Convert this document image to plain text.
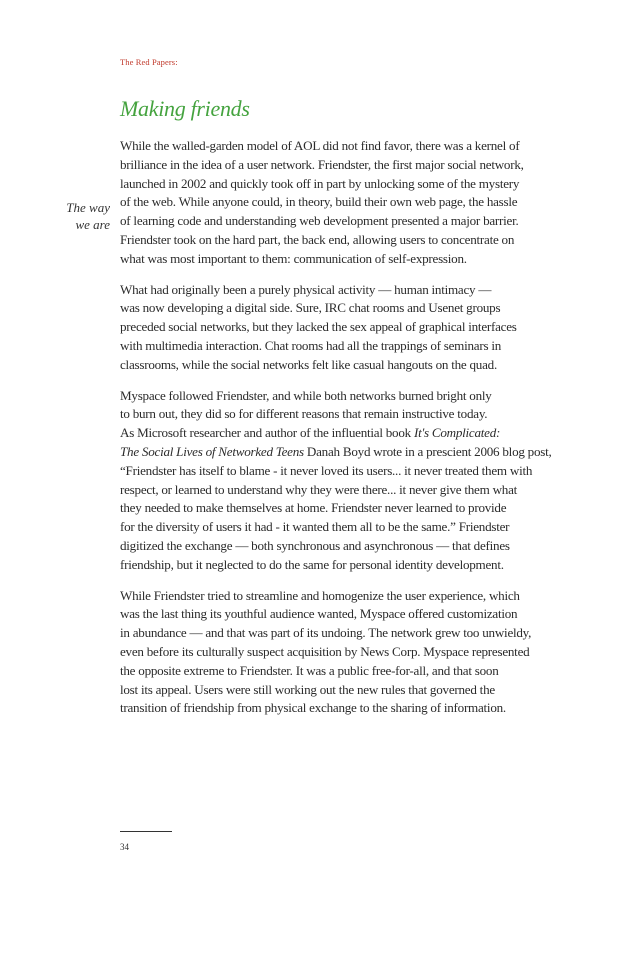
The Red Papers:
Making friends
The way
we are
While the walled-garden model of AOL did not find favor, there was a kernel of
brilliance in the idea of a user network. Friendster, the first major social network,
launched in 2002 and quickly took off in part by unlocking some of the mystery
of the web. While anyone could, in theory, build their own web page, the hassle
of learning code and understanding web development presented a major barrier.
Friendster took on the hard part, the back end, allowing users to concentrate on
what was most important to them: communication of self-expression.
What had originally been a purely physical activity — human intimacy —
was now developing a digital side. Sure, IRC chat rooms and Usenet groups
preceded social networks, but they lacked the sex appeal of graphical interfaces
with multimedia interaction. Chat rooms had all the trappings of seminars in
classrooms, while the social networks felt like casual hangouts on the quad.
Myspace followed Friendster, and while both networks burned bright only
to burn out, they did so for different reasons that remain instructive today.
As Microsoft researcher and author of the influential book It's Complicated:
The Social Lives of Networked Teens Danah Boyd wrote in a prescient 2006 blog post,
“Friendster has itself to blame - it never loved its users... it never treated them with
respect, or learned to understand why they were there... it never give them what
they needed to make themselves at home. Friendster never learned to provide
for the diversity of users it had - it wanted them all to be the same.” Friendster
digitized the exchange — both synchronous and asynchronous — that defines
friendship, but it neglected to do the same for personal identity development.
While Friendster tried to streamline and homogenize the user experience, which
was the last thing its youthful audience wanted, Myspace offered customization
in abundance — and that was part of its undoing. The network grew too unwieldy,
even before its culturally suspect acquisition by News Corp. Myspace represented
the opposite extreme to Friendster. It was a public free-for-all, and that soon
lost its appeal. Users were still working out the new rules that governed the
transition of friendship from physical exchange to the sharing of information.
34
